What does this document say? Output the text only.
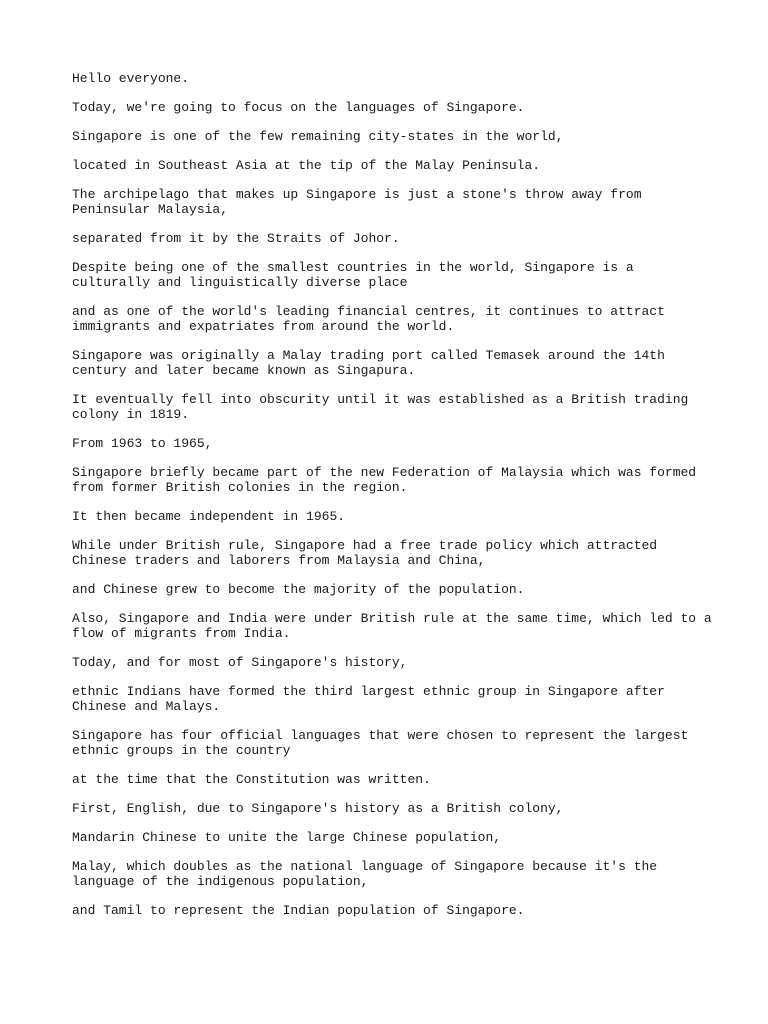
Hello everyone.

Today, we're going to focus on the languages of Singapore.

Singapore is one of the few remaining city-states in the world,

located in Southeast Asia at the tip of the Malay Peninsula.

The archipelago that makes up Singapore is just a stone's throw away from Peninsular Malaysia,

separated from it by the Straits of Johor.

Despite being one of the smallest countries in the world, Singapore is a culturally and linguistically diverse place

and as one of the world's leading financial centres, it continues to attract immigrants and expatriates from around the world.

Singapore was originally a Malay trading port called Temasek around the 14th century and later became known as Singapura.

It eventually fell into obscurity until it was established as a British trading colony in 1819.

From 1963 to 1965,

Singapore briefly became part of the new Federation of Malaysia which was formed from former British colonies in the region.

It then became independent in 1965.

While under British rule, Singapore had a free trade policy which attracted Chinese traders and laborers from Malaysia and China,

and Chinese grew to become the majority of the population.

Also, Singapore and India were under British rule at the same time, which led to a flow of migrants from India.

Today, and for most of Singapore's history,

ethnic Indians have formed the third largest ethnic group in Singapore after Chinese and Malays.

Singapore has four official languages that were chosen to represent the largest ethnic groups in the country

at the time that the Constitution was written.

First, English, due to Singapore's history as a British colony,

Mandarin Chinese to unite the large Chinese population,

Malay, which doubles as the national language of Singapore because it's the language of the indigenous population,

and Tamil to represent the Indian population of Singapore.
